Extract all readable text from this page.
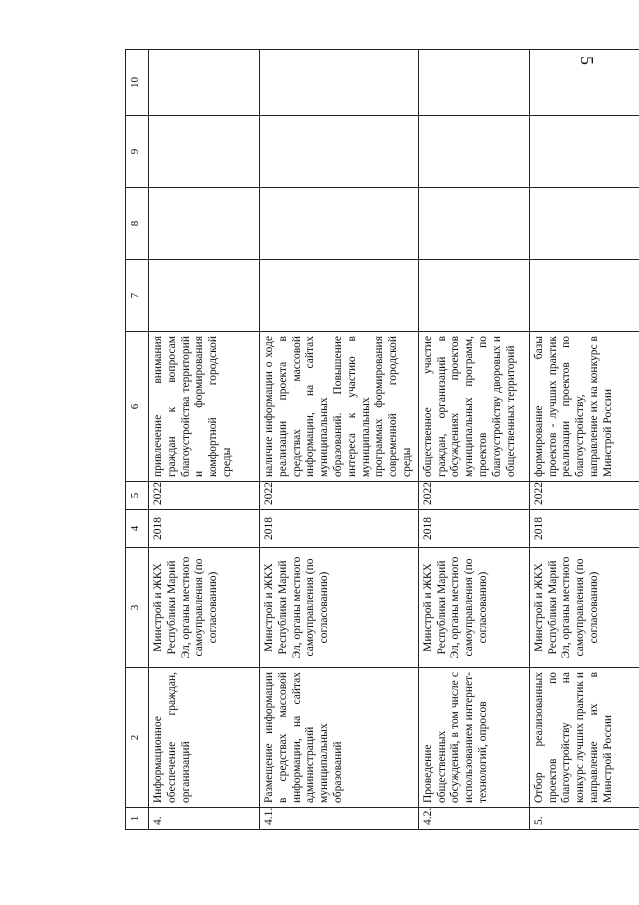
5
1	2	3	4	5	6	7	8	9	10
4.	Информационное обеспечение граждан, организаций	Минстрой и ЖКХ Республики Марий Эл, органы местного самоуправления (по согласованию)	2018	2022	привлечение внимания граждан к вопросам благоустройства территорий и формирования комфортной городской среды				
4.1.	Размещение информации в средствах массовой информации, на сайтах администраций муниципальных образований	Минстрой и ЖКХ Республики Марий Эл, органы местного самоуправления (по согласованию)	2018	2022	наличие информации о ходе реализации проекта в средствах массовой информации, на сайтах муниципальных образований. Повышение интереса к участию в муниципальных программах формирования современной городской среды				
4.2.	Проведение общественных обсуждений, в том числе с использованием интернет-технологий, опросов	Минстрой и ЖКХ Республики Марий Эл, органы местного самоуправления (по согласованию)	2018	2022	общественное участие граждан, организаций в обсуждениях проектов муниципальных программ, проектов по благоустройству дворовых и общественных территорий				
5.	Отбор реализованных проектов по благоустройству на конкурс лучших практик и направление их в Минстрой России	Минстрой и ЖКХ Республики Марий Эл, органы местного самоуправления (по согласованию)	2018	2022	формирование базы проектов - лучших практик реализации проектов по благоустройству, направление их на конкурс в Минстрой России				
